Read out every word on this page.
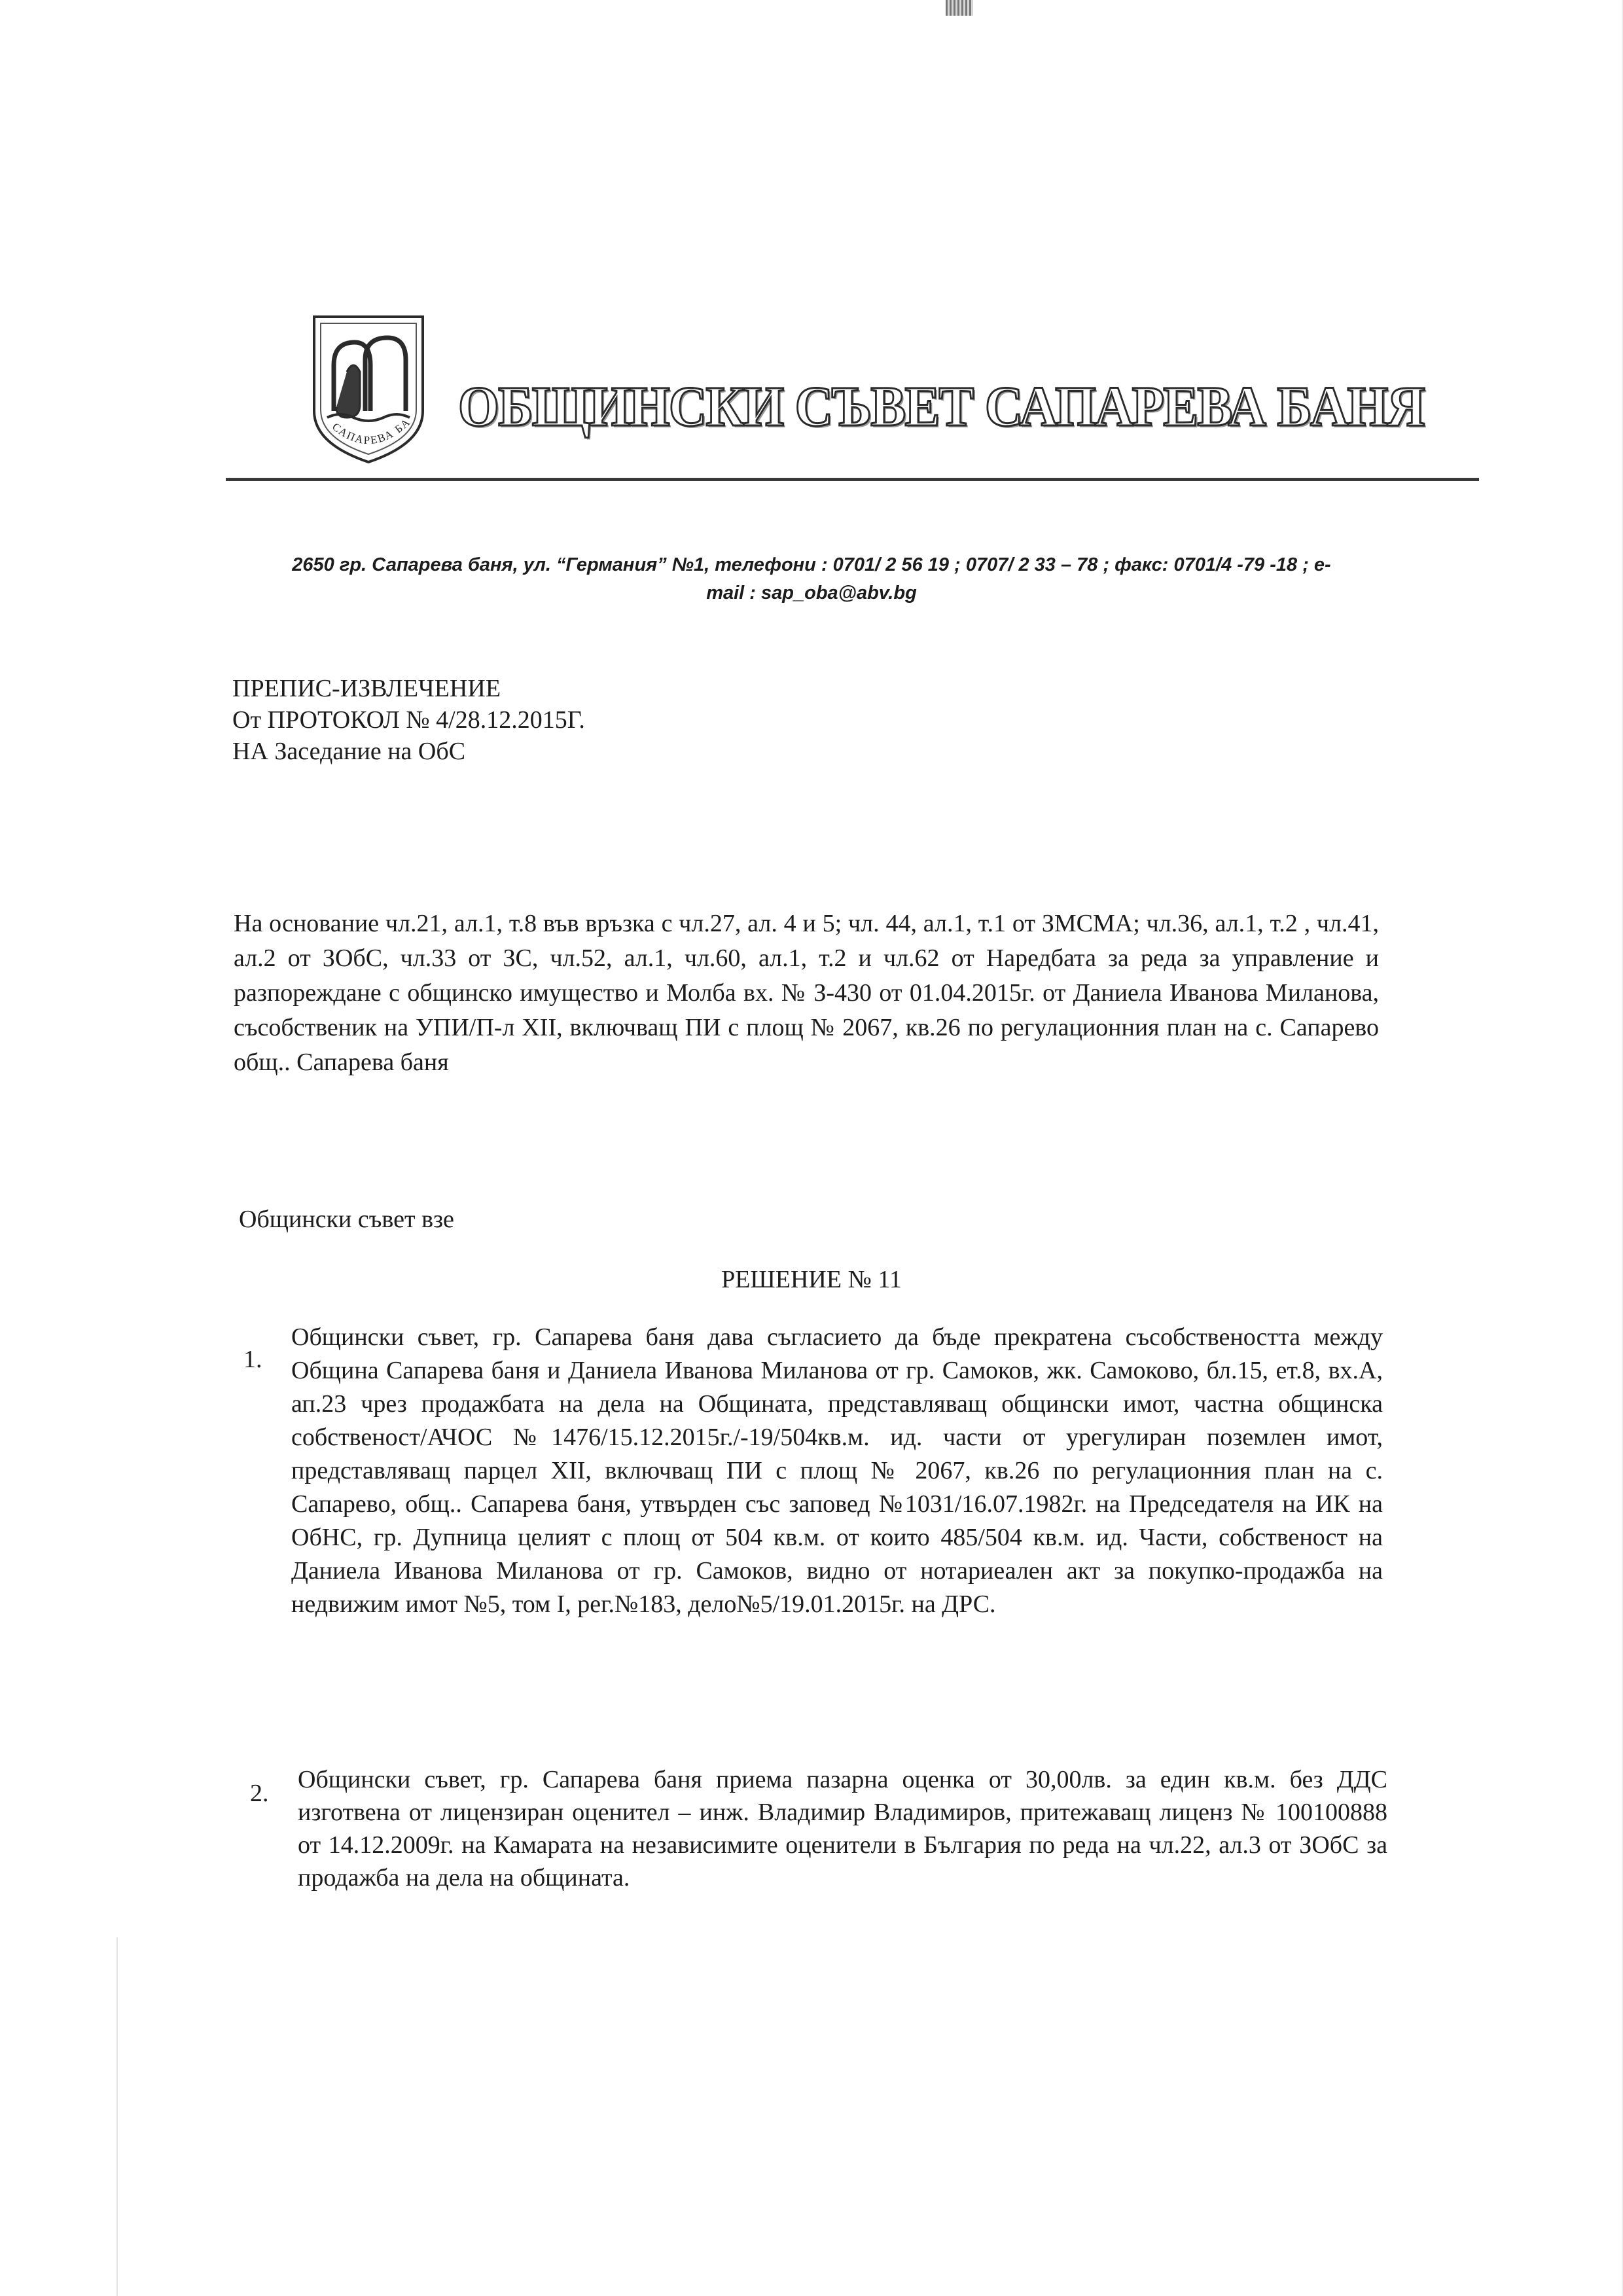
САПАРЕВА БА ОБЩИНСКИ СЪВЕТ САПАРЕВА БАНЯ
2650 гр. Сапарева баня, ул. “Германия” №1, телефони : 0701/ 2 56 19 ; 0707/ 2 33 – 78 ; факс: 0701/4 -79 -18 ; e-
mail : sap_oba@abv.bg
ПРЕПИС-ИЗВЛЕЧЕНИЕ
От ПРОТОКОЛ № 4/28.12.2015Г.
НА Заседание на ОбС
На основание чл.21, ал.1, т.8 във връзка с чл.27, ал. 4 и 5; чл. 44, ал.1, т.1 от ЗМСМА; чл.36, ал.1, т.2 , чл.41, ал.2 от ЗОбС, чл.33 от ЗС, чл.52, ал.1, чл.60, ал.1, т.2 и чл.62 от Наредбата за реда за управление и разпореждане с общинско имущество и Молба вх. № З-430 от 01.04.2015г. от Даниела Иванова Миланова, съсобственик на УПИ/П-л XII, включващ ПИ с площ № 2067, кв.26 по регулационния план на с. Сапарево общ.. Сапарева баня
Общински съвет взе
РЕШЕНИЕ № 11
1.
Общински съвет, гр. Сапарева баня дава съгласието да бъде прекратена съсобствеността между Община Сапарева баня и Даниела Иванова Миланова от гр. Самоков, жк. Самоково, бл.15, ет.8, вх.А, ап.23 чрез продажбата на дела на Общината, представляващ общински имот, частна общинска собственост/АЧОС №1476/15.12.2015г./-19/504кв.м. ид. части от урегулиран поземлен имот, представляващ парцел XII, включващ ПИ с площ № 2067, кв.26 по регулационния план на с. Сапарево, общ.. Сапарева баня, утвърден със заповед №1031/16.07.1982г. на Председателя на ИК на ОбНС, гр. Дупница целият с площ от 504 кв.м. от които 485/504 кв.м. ид. Части, собственост на Даниела Иванова Миланова от гр. Самоков, видно от нотариеален акт за покупко-продажба на недвижим имот №5, том I, рег.№183, дело№5/19.01.2015г. на ДРС.
2. Общински съвет, гр. Сапарева баня приема пазарна оценка от 30,00лв. за един кв.м. без ДДС изготвена от лицензиран оценител – инж. Владимир Владимиров, притежаващ лиценз № 100100888 от 14.12.2009г. на Камарата на независимите оценители в България по реда на чл.22, ал.3 от ЗОбС за продажба на дела на общината.
